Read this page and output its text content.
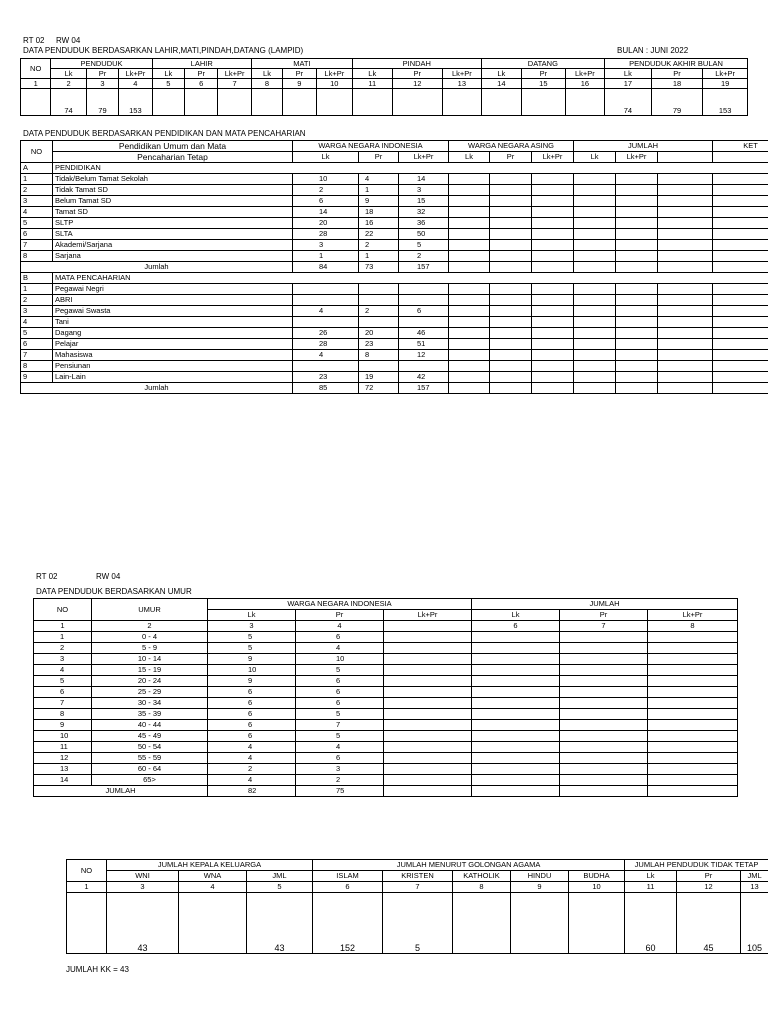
RT 02 RW 04
DATA PENDUDUK BERDASARKAN LAHIR,MATI,PINDAH,DATANG (LAMPID)	BULAN : JUNI 2022
NO	PENDUDUK			LAHIR			MATI			PINDAH			DATANG			PENDUDUK AKHIR BULAN		
	Lk	Pr	Lk+Pr	Lk	Pr	Lk+Pr	Lk	Pr	Lk+Pr	Lk	Pr	Lk+Pr	Lk	Pr	Lk+Pr	Lk	Pr	Lk+Pr
1	2	3	4	5	6	7	8	9	10	11	12	13	14	15	16	17	18	19
	74	79	153													74	79	153
DATA PENDUDUK BERDASARKAN PENDIDIKAN DAN MATA PENCAHARIAN
NO	Pendidikan Umum dan Mata	WARGA NEGARA INDONESIA			WARGA NEGARA ASING			JUMLAH			KET
	Pencaharian Tetap	Lk	Pr	Lk+Pr	Lk	Pr	Lk+Pr	Lk	Lk+Pr		
A	PENDIDIKAN										
1	Tidak/Belum Tamat Sekolah	10	4	14							
2	Tidak Tamat SD	2	1	3							
3	Belum Tamat SD	6	9	15							
4	Tamat SD	14	18	32							
5	SLTP	20	16	36							
6	SLTA	28	22	50							
7	Akademi/Sarjana	3	2	5							
8	Sarjana	1	1	2							
Jumlah		84	73	157							
B	MATA PENCAHARIAN										
1	Pegawai Negri										
2	ABRI										
3	Pegawai Swasta	4	2	6							
4	Tani										
5	Dagang	26	20	46							
6	Pelajar	28	23	51							
7	Mahasiswa	4	8	12							
8	Pensiunan										
9	Lain-Lain	23	19	42							
Jumlah		85	72	157							
RT 02	RW 04
DATA PENDUDUK BERDASARKAN UMUR
NO	UMUR	WARGA NEGARA INDONESIA			JUMLAH		
		Lk	Pr	Lk+Pr	Lk	Pr	Lk+Pr
1	2	3	4		6	7	8
1	0 - 4	5	6				
2	5 - 9	5	4				
3	10 - 14	9	10				
4	15 - 19	10	5				
5	20 - 24	9	6				
6	25 - 29	6	6				
7	30 - 34	6	6				
8	35 - 39	6	5				
9	40 - 44	6	7				
10	45 - 49	6	5				
11	50 - 54	4	4				
12	55 - 59	4	6				
13	60 - 64	2	3				
14	65>	4	2				
JUMLAH		82	75				
NO	JUMLAH KEPALA KELUARGA			JUMLAH MENURUT GOLONGAN AGAMA					JUMLAH PENDUDUK TIDAK TETAP		
	WNI	WNA	JML	ISLAM	KRISTEN	KATHOLIK	HINDU	BUDHA	Lk	Pr	JML
1	3	4	5	6	7	8	9	10	11	12	13
	43		43	152	5				60	45	105
JUMLAH KK = 43
